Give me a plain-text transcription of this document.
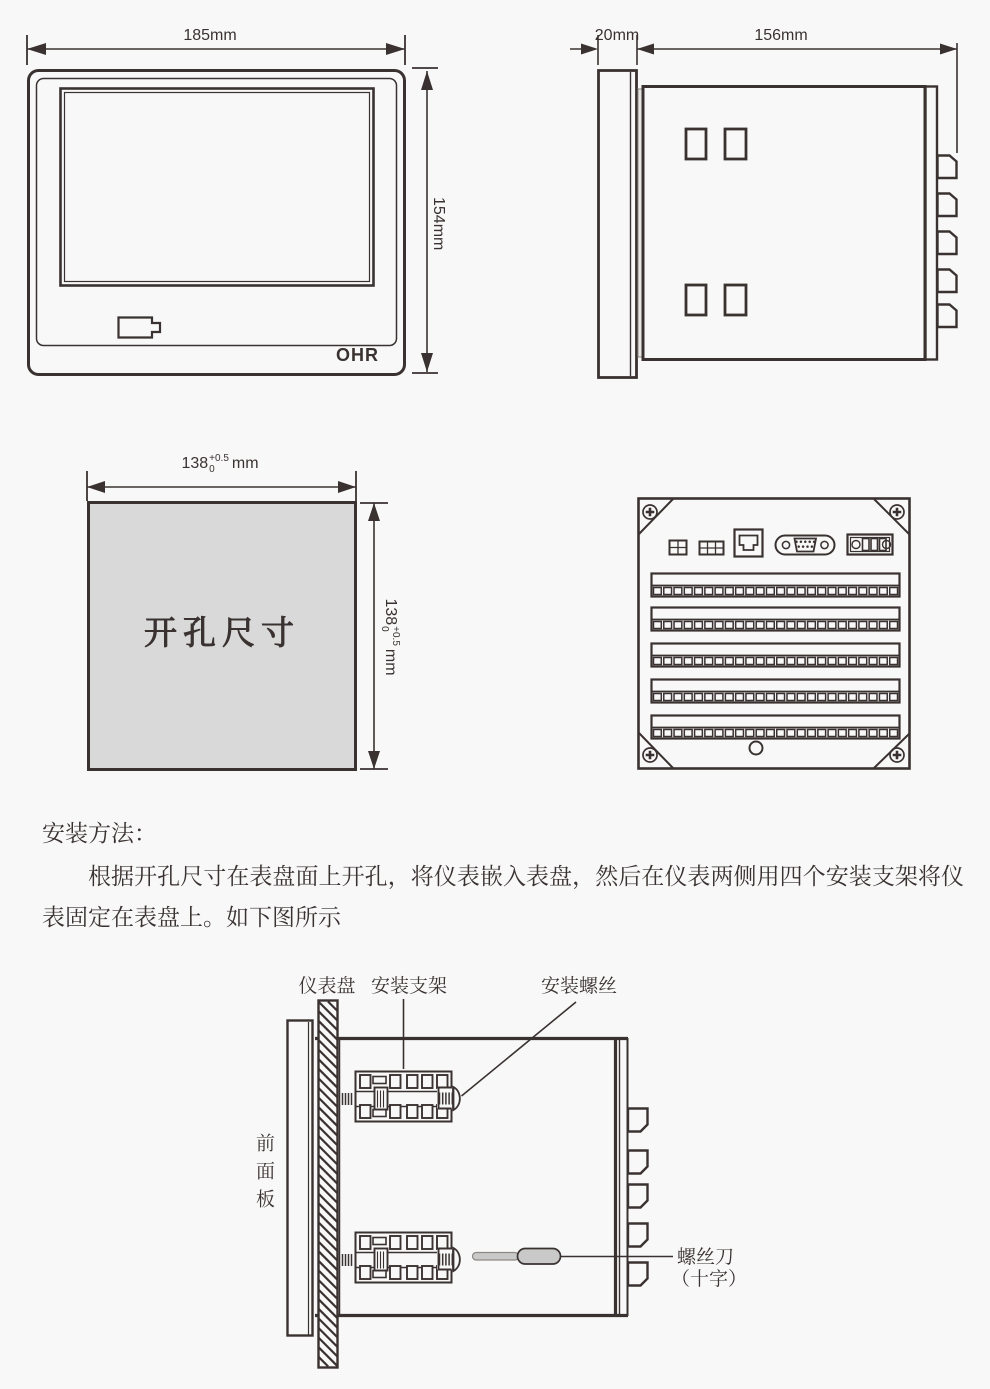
185mm
154mm
OHR
20mm	156mm
138 +0.5
0	mm
138
+0.5
0
mm
开孔尺寸
安装方法：
根据开孔尺寸在表盘面上开孔，将仪表嵌入表盘，然后在仪表两侧用四个安装支架将仪表固定在表盘上。如下图所示
仪表盘 安装支架	安装螺丝
前面板
螺丝刀
（十字）
